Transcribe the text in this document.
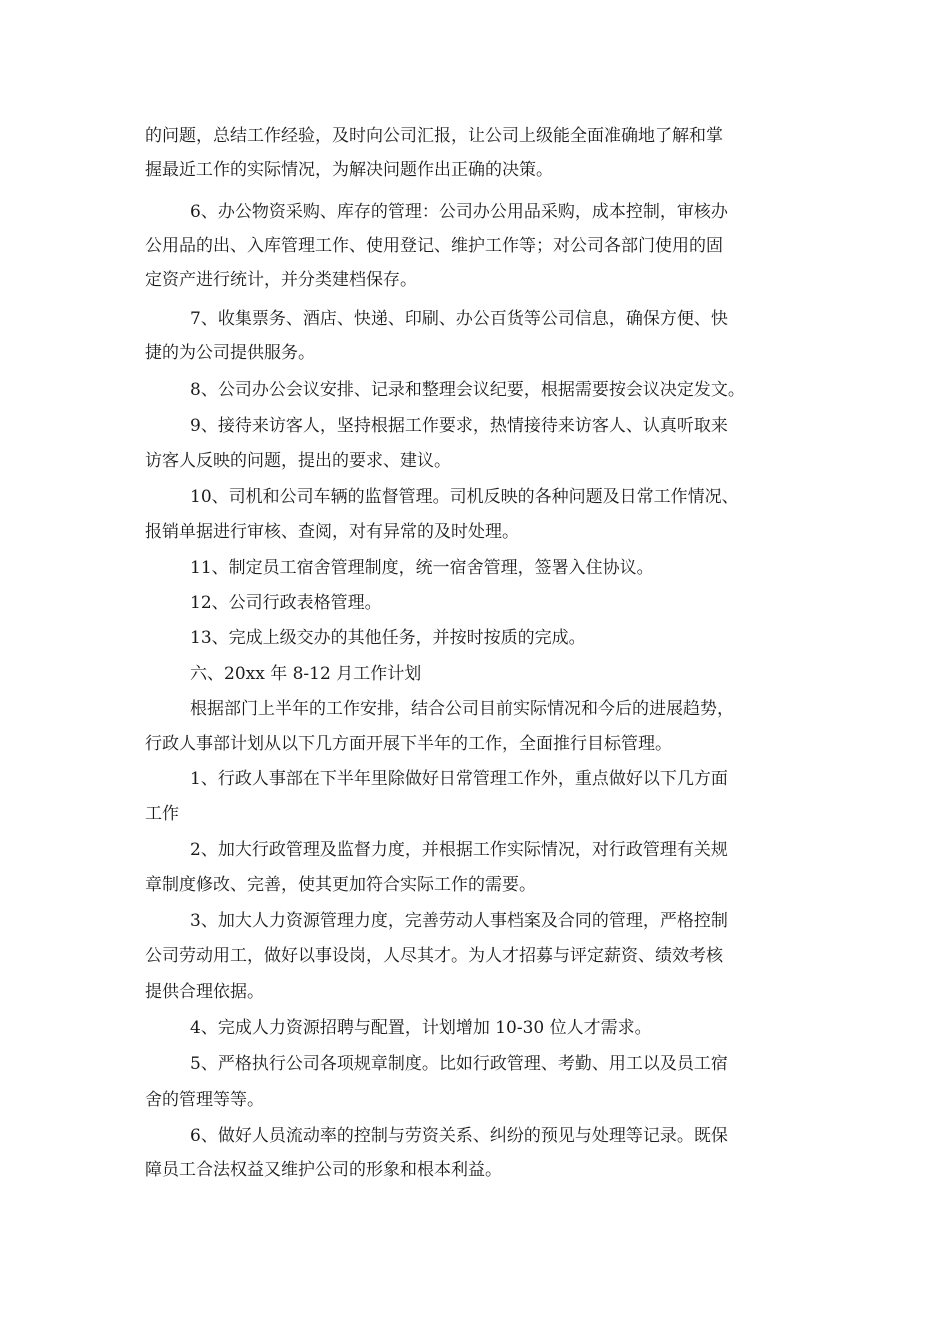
的问题，总结工作经验，及时向公司汇报，让公司上级能全面准确地了解和掌
握最近工作的实际情况，为解决问题作出正确的决策。
6、办公物资采购、库存的管理：公司办公用品采购，成本控制，审核办
公用品的出、入库管理工作、使用登记、维护工作等；对公司各部门使用的固
定资产进行统计，并分类建档保存。
7、收集票务、酒店、快递、印刷、办公百货等公司信息，确保方便、快
捷的为公司提供服务。
8、公司办公会议安排、记录和整理会议纪要，根据需要按会议决定发文。
9、接待来访客人，坚持根据工作要求，热情接待来访客人、认真听取来
访客人反映的问题，提出的要求、建议。
10、司机和公司车辆的监督管理。司机反映的各种问题及日常工作情况、
报销单据进行审核、查阅，对有异常的及时处理。
11、制定员工宿舍管理制度，统一宿舍管理，签署入住协议。
12、公司行政表格管理。
13、完成上级交办的其他任务，并按时按质的完成。
六、20xx 年 8-12 月工作计划
根据部门上半年的工作安排，结合公司目前实际情况和今后的进展趋势，
行政人事部计划从以下几方面开展下半年的工作，全面推行目标管理。
1、行政人事部在下半年里除做好日常管理工作外，重点做好以下几方面
工作
2、加大行政管理及监督力度，并根据工作实际情况，对行政管理有关规
章制度修改、完善，使其更加符合实际工作的需要。
3、加大人力资源管理力度，完善劳动人事档案及合同的管理，严格控制
公司劳动用工，做好以事设岗，人尽其才。为人才招募与评定薪资、绩效考核
提供合理依据。
4、完成人力资源招聘与配置，计划增加 10-30 位人才需求。
5、严格执行公司各项规章制度。比如行政管理、考勤、用工以及员工宿
舍的管理等等。
6、做好人员流动率的控制与劳资关系、纠纷的预见与处理等记录。既保
障员工合法权益又维护公司的形象和根本利益。
